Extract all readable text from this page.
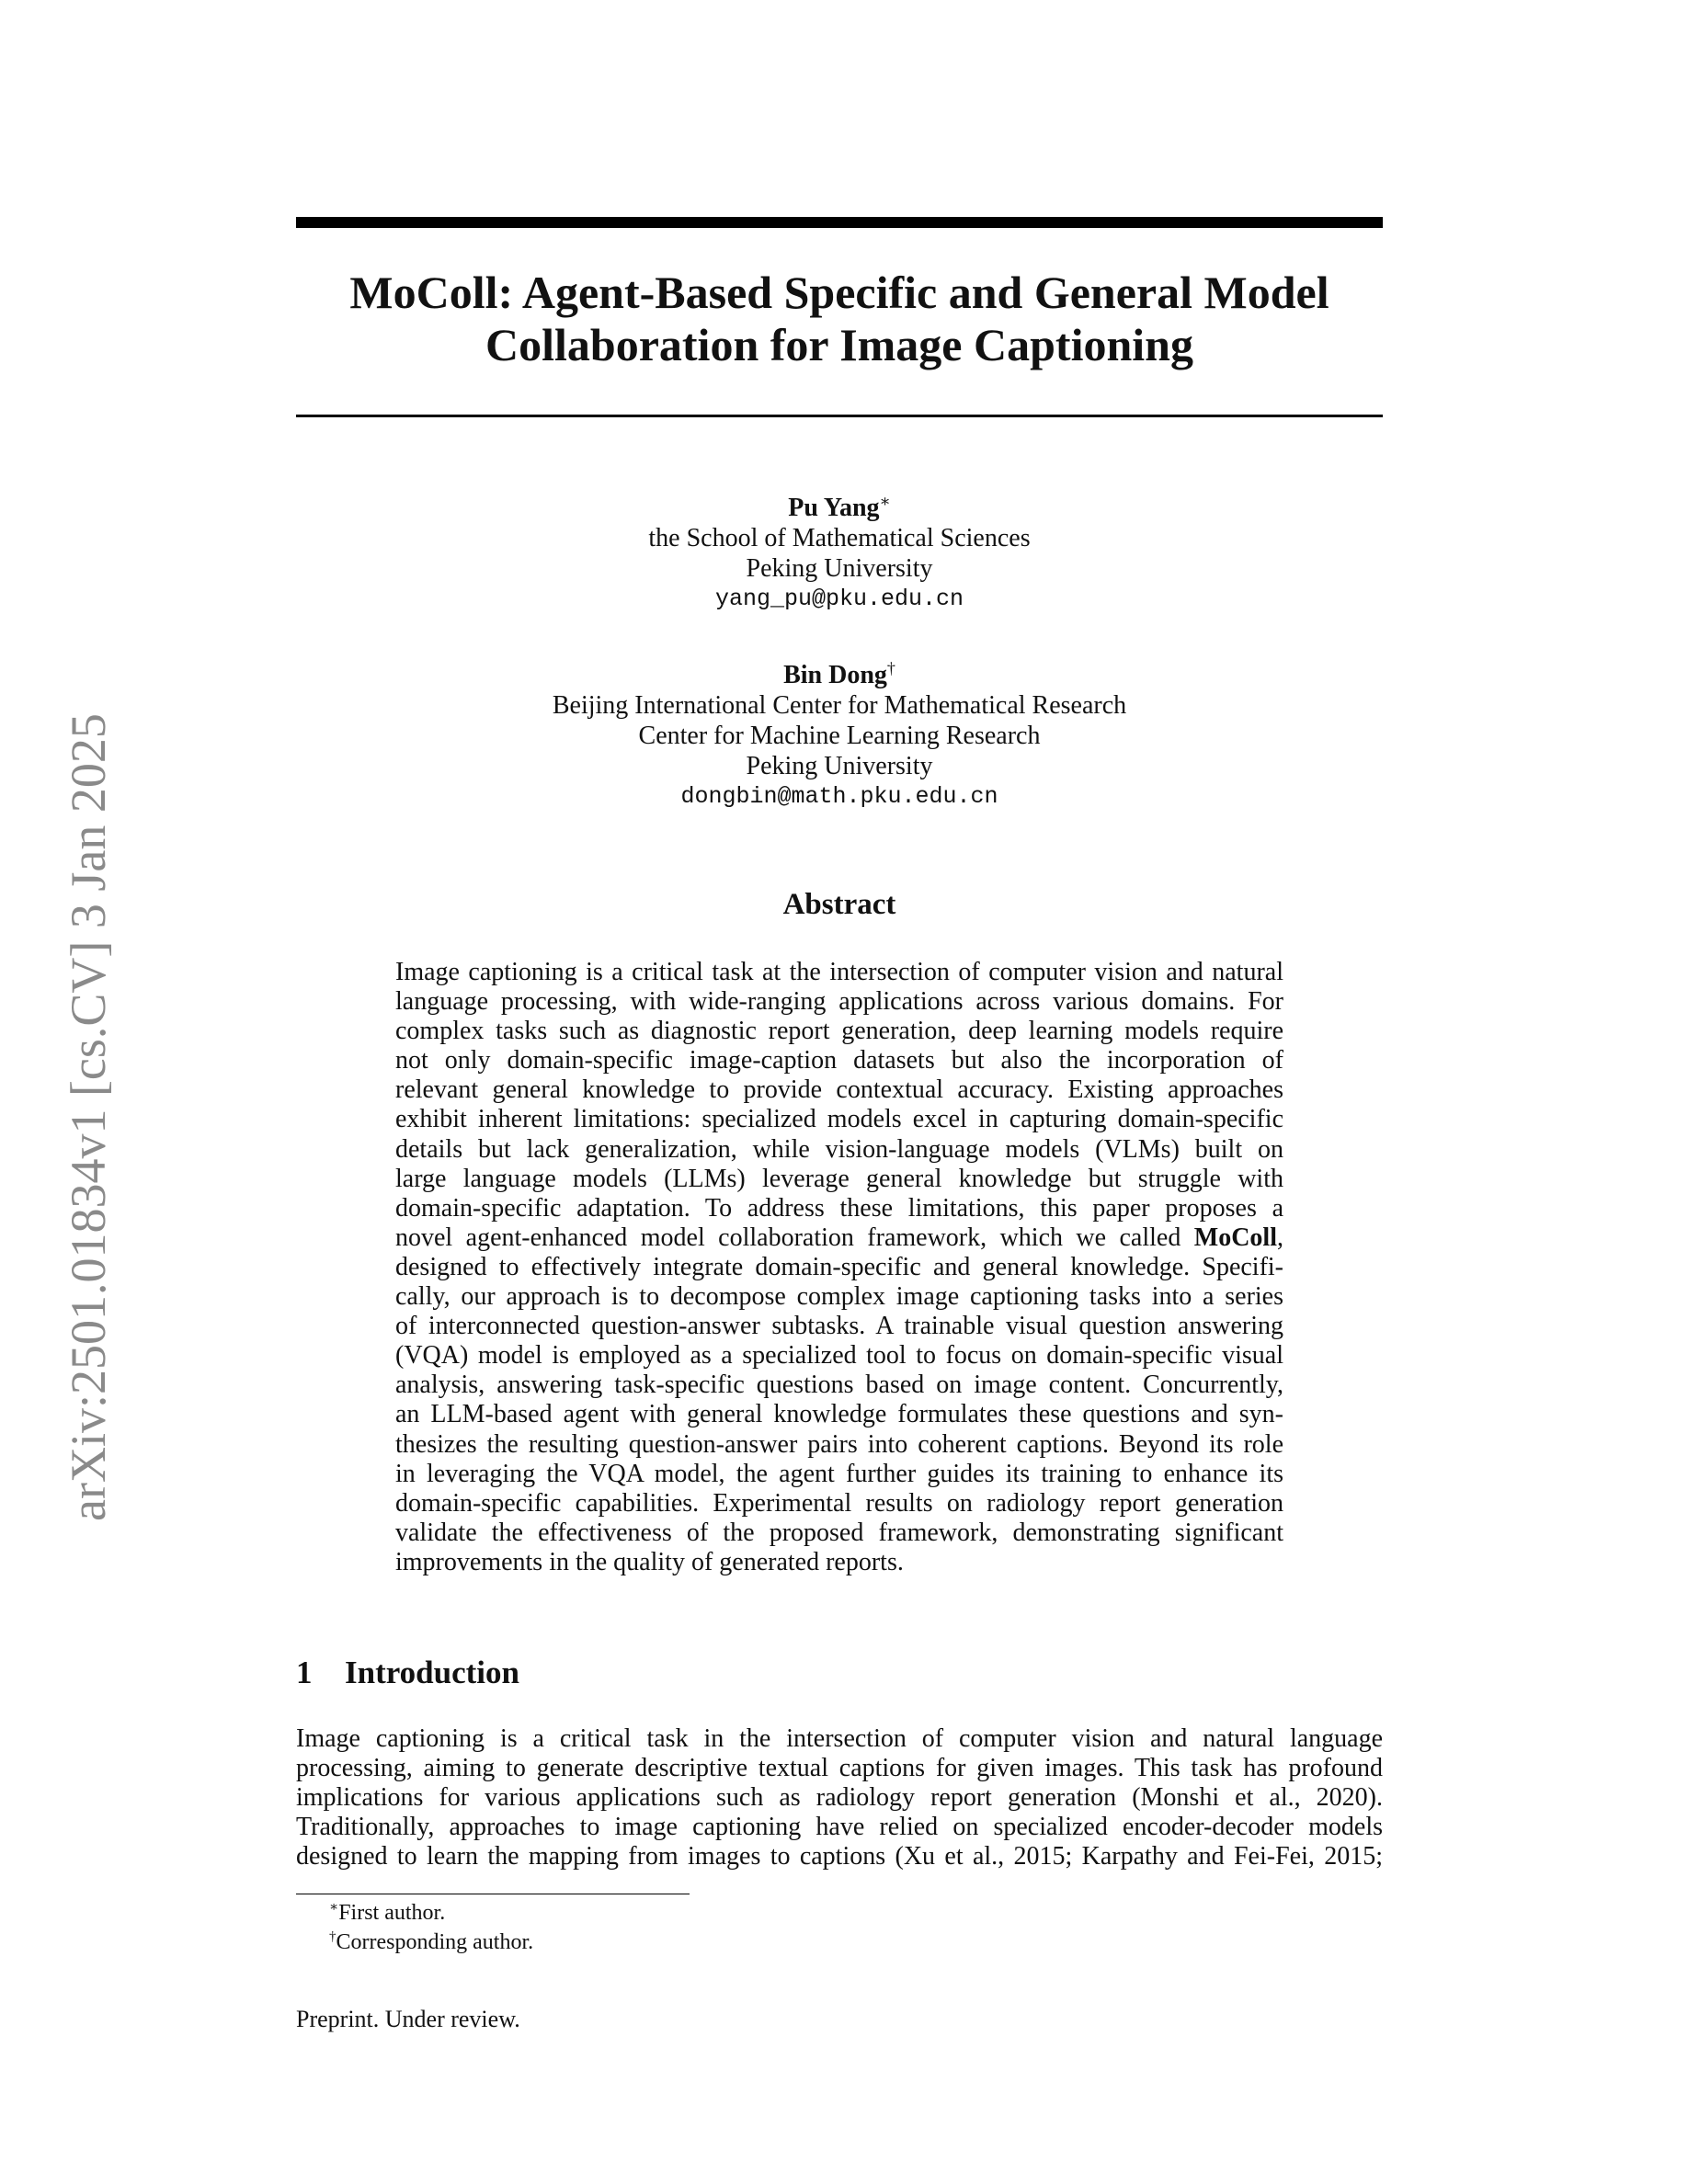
arXiv:2501.01834v1 [cs.CV] 3 Jan 2025
MoColl: Agent-Based Specific and General Model
Collaboration for Image Captioning
Pu Yang∗
the School of Mathematical Sciences
Peking University
yang_pu@pku.edu.cn
Bin Dong†
Beijing International Center for Mathematical Research
Center for Machine Learning Research
Peking University
dongbin@math.pku.edu.cn
Abstract
Image captioning is a critical task at the intersection of computer vision and natural
language processing, with wide-ranging applications across various domains. For
complex tasks such as diagnostic report generation, deep learning models require
not only domain-specific image-caption datasets but also the incorporation of
relevant general knowledge to provide contextual accuracy. Existing approaches
exhibit inherent limitations: specialized models excel in capturing domain-specific
details but lack generalization, while vision-language models (VLMs) built on
large language models (LLMs) leverage general knowledge but struggle with
domain-specific adaptation. To address these limitations, this paper proposes a
novel agent-enhanced model collaboration framework, which we called MoColl,
designed to effectively integrate domain-specific and general knowledge. Specifi-
cally, our approach is to decompose complex image captioning tasks into a series
of interconnected question-answer subtasks. A trainable visual question answering
(VQA) model is employed as a specialized tool to focus on domain-specific visual
analysis, answering task-specific questions based on image content. Concurrently,
an LLM-based agent with general knowledge formulates these questions and syn-
thesizes the resulting question-answer pairs into coherent captions. Beyond its role
in leveraging the VQA model, the agent further guides its training to enhance its
domain-specific capabilities. Experimental results on radiology report generation
validate the effectiveness of the proposed framework, demonstrating significant
improvements in the quality of generated reports.
1 Introduction
Image captioning is a critical task in the intersection of computer vision and natural language
processing, aiming to generate descriptive textual captions for given images. This task has profound
implications for various applications such as radiology report generation (Monshi et al., 2020).
Traditionally, approaches to image captioning have relied on specialized encoder-decoder models
designed to learn the mapping from images to captions (Xu et al., 2015; Karpathy and Fei-Fei, 2015;
∗First author.
†Corresponding author.
Preprint. Under review.
